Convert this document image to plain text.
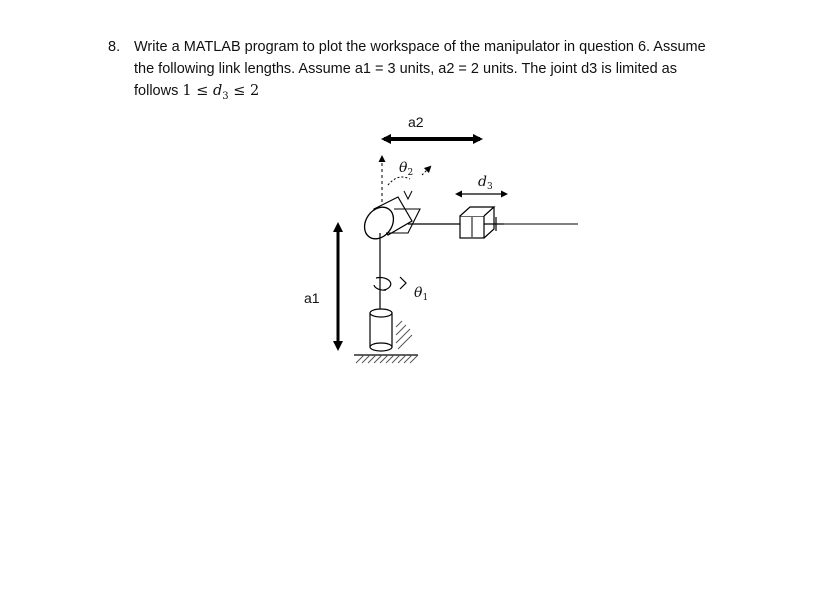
8. Write a MATLAB program to plot the workspace of the manipulator in question 6. Assume
the following link lengths. Assume a1 = 3 units, a2 = 2 units. The joint d3 is limited as
follows $1 \le d_3 \le 2$
a2
a1
$\theta_2$
$d_3$
$\theta_1$
